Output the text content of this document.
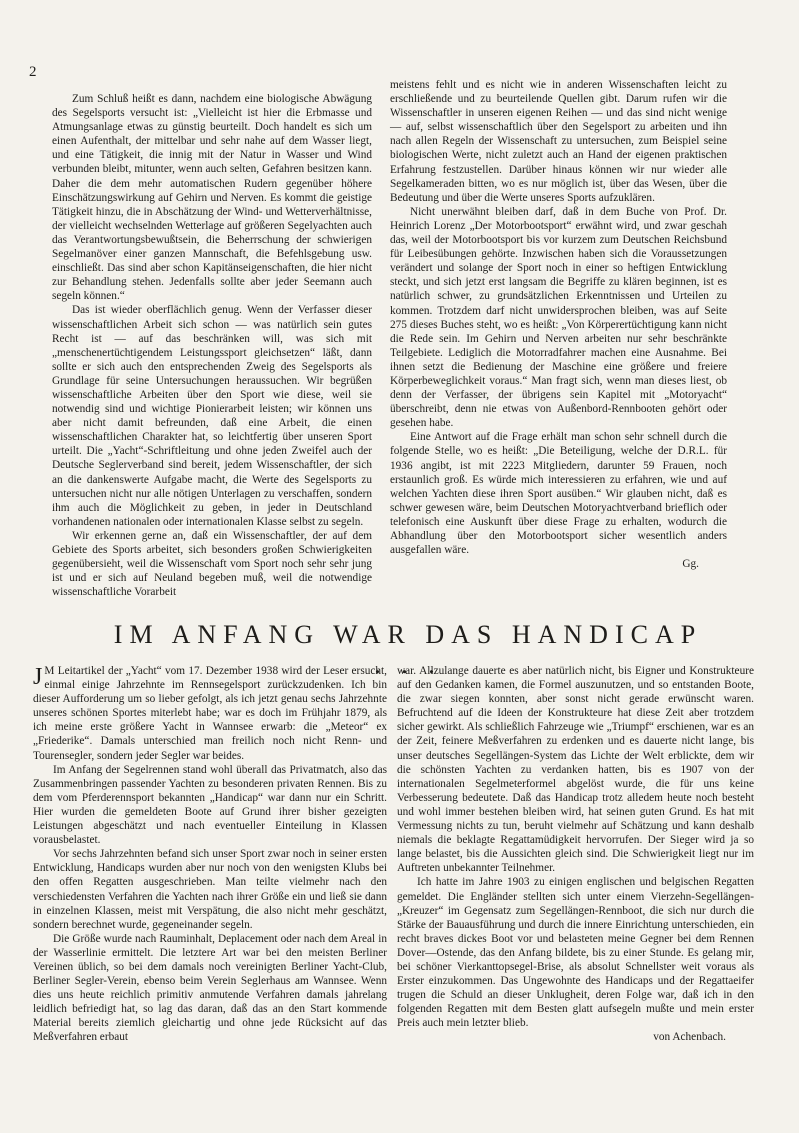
2

Zum Schluß heißt es dann, nachdem eine biologische Abwägung des Segelsports versucht ist: „Vielleicht ist hier die Erbmasse und Atmungsanlage etwas zu günstig beurteilt. Doch handelt es sich um einen Aufenthalt, der mittelbar und sehr nahe auf dem Wasser liegt, und eine Tätigkeit, die innig mit der Natur in Wasser und Wind verbunden bleibt, mitunter, wenn auch selten, Gefahren besitzen kann. Daher die dem mehr automatischen Rudern gegenüber höhere Einschätzungswirkung auf Gehirn und Nerven. Es kommt die geistige Tätigkeit hinzu, die in Abschätzung der Wind- und Wetterverhältnisse, der vielleicht wechselnden Wetterlage auf größeren Segelyachten auch das Verantwortungsbewußtsein, die Beherrschung der schwierigen Segelmanöver einer ganzen Mannschaft, die Befehlsgebung usw. einschließt. Das sind aber schon Kapitänseigenschaften, die hier nicht zur Behandlung stehen. Jedenfalls sollte aber jeder Seemann auch segeln können.“

Das ist wieder oberflächlich genug. Wenn der Verfasser dieser wissenschaftlichen Arbeit sich schon — was natürlich sein gutes Recht ist — auf das beschränken will, was sich mit „menschenertüchtigendem Leistungssport gleichsetzen“ läßt, dann sollte er sich auch den entsprechenden Zweig des Segelsports als Grundlage für seine Untersuchungen heraussuchen. Wir begrüßen wissenschaftliche Arbeiten über den Sport wie diese, weil sie notwendig sind und wichtige Pionierarbeit leisten; wir können uns aber nicht damit befreunden, daß eine Arbeit, die einen wissenschaftlichen Charakter hat, so leichtfertig über unseren Sport urteilt. Die „Yacht“-Schriftleitung und ohne jeden Zweifel auch der Deutsche Seglerverband sind bereit, jedem Wissenschaftler, der sich an die dankenswerte Aufgabe macht, die Werte des Segelsports zu untersuchen nicht nur alle nötigen Unterlagen zu verschaffen, sondern ihm auch die Möglichkeit zu geben, in jeder in Deutschland vorhandenen nationalen oder internationalen Klasse selbst zu segeln.

Wir erkennen gerne an, daß ein Wissenschaftler, der auf dem Gebiete des Sports arbeitet, sich besonders großen Schwierigkeiten gegenübersieht, weil die Wissenschaft vom Sport noch sehr sehr jung ist und er sich auf Neuland begeben muß, weil die notwendige wissenschaftliche Vorarbeit

meistens fehlt und es nicht wie in anderen Wissenschaften leicht zu erschließende und zu beurteilende Quellen gibt. Darum rufen wir die Wissenschaftler in unseren eigenen Reihen — und das sind nicht wenige — auf, selbst wissenschaftlich über den Segelsport zu arbeiten und ihn nach allen Regeln der Wissenschaft zu untersuchen, zum Beispiel seine biologischen Werte, nicht zuletzt auch an Hand der eigenen praktischen Erfahrung festzustellen. Darüber hinaus können wir nur wieder alle Segelkameraden bitten, wo es nur möglich ist, über das Wesen, über die Bedeutung und über die Werte unseres Sports aufzuklären.

Nicht unerwähnt bleiben darf, daß in dem Buche von Prof. Dr. Heinrich Lorenz „Der Motorbootsport“ erwähnt wird, und zwar geschah das, weil der Motorbootsport bis vor kurzem zum Deutschen Reichsbund für Leibesübungen gehörte. Inzwischen haben sich die Voraussetzungen verändert und solange der Sport noch in einer so heftigen Entwicklung steckt, und sich jetzt erst langsam die Begriffe zu klären beginnen, ist es natürlich schwer, zu grundsätzlichen Erkenntnissen und Urteilen zu kommen. Trotzdem darf nicht unwidersprochen bleiben, was auf Seite 275 dieses Buches steht, wo es heißt: „Von Körperertüchtigung kann nicht die Rede sein. Im Gehirn und Nerven arbeiten nur sehr beschränkte Teilgebiete. Lediglich die Motorradfahrer machen eine Ausnahme. Bei ihnen setzt die Bedienung der Maschine eine größere und freiere Körperbeweglichkeit voraus.“ Man fragt sich, wenn man dieses liest, ob denn der Verfasser, der übrigens sein Kapitel mit „Motoryacht“ überschreibt, denn nie etwas von Außenbord-Rennbooten gehört oder gesehen habe.

Eine Antwort auf die Frage erhält man schon sehr schnell durch die folgende Stelle, wo es heißt: „Die Beteiligung, welche der D.R.L. für 1936 angibt, ist mit 2223 Mitgliedern, darunter 59 Frauen, noch erstaunlich groß. Es würde mich interessieren zu erfahren, wie und auf welchen Yachten diese ihren Sport ausüben.“ Wir glauben nicht, daß es schwer gewesen wäre, beim Deutschen Motoryachtverband brieflich oder telefonisch eine Auskunft über diese Frage zu erhalten, wodurch die Abhandlung über den Motorbootsport sicher wesentlich anders ausgefallen wäre.

Gg.

IM ANFANG WAR DAS HANDICAP . . .

J M Leitartikel der „Yacht“ vom 17. Dezember 1938 wird der Leser ersucht, einmal einige Jahrzehnte im Rennsegelsport zurückzudenken. Ich bin dieser Aufforderung um so lieber gefolgt, als ich jetzt genau sechs Jahrzehnte unseres schönen Sportes miterlebt habe; war es doch im Frühjahr 1879, als ich meine erste größere Yacht in Wannsee erwarb: die „Meteor“ ex „Friederike“. Damals unterschied man freilich noch nicht Renn- und Tourensegler, sondern jeder Segler war beides.

Im Anfang der Segelrennen stand wohl überall das Privatmatch, also das Zusammenbringen passender Yachten zu besonderen privaten Rennen. Bis zu dem vom Pferderennsport bekannten „Handicap“ war dann nur ein Schritt. Hier wurden die gemeldeten Boote auf Grund ihrer bisher gezeigten Leistungen abgeschätzt und nach eventueller Einteilung in Klassen vorausbelastet.

Vor sechs Jahrzehnten befand sich unser Sport zwar noch in seiner ersten Entwicklung, Handicaps wurden aber nur noch von den wenigsten Klubs bei den offen Regatten ausgeschrieben. Man teilte vielmehr nach den verschiedensten Verfahren die Yachten nach ihrer Größe ein und ließ sie dann in einzelnen Klassen, meist mit Verspätung, die also nicht mehr geschätzt, sondern berechnet wurde, gegeneinander segeln.

Die Größe wurde nach Rauminhalt, Deplacement oder nach dem Areal in der Wasserlinie ermittelt. Die letztere Art war bei den meisten Berliner Vereinen üblich, so bei dem damals noch vereinigten Berliner Yacht-Club, Berliner Segler-Verein, ebenso beim Verein Seglerhaus am Wannsee. Wenn dies uns heute reichlich primitiv anmutende Verfahren damals jahrelang leidlich befriedigt hat, so lag das daran, daß das an den Start kommende Material bereits ziemlich gleichartig und ohne jede Rücksicht auf das Meßverfahren erbaut

war. Allzulange dauerte es aber natürlich nicht, bis Eigner und Konstrukteure auf den Gedanken kamen, die Formel auszunutzen, und so entstanden Boote, die zwar siegen konnten, aber sonst nicht gerade erwünscht waren. Befruchtend auf die Ideen der Konstrukteure hat diese Zeit aber trotzdem sicher gewirkt. Als schließlich Fahrzeuge wie „Triumpf“ erschienen, war es an der Zeit, feinere Meßverfahren zu erdenken und es dauerte nicht lange, bis unser deutsches Segellängen-System das Lichte der Welt erblickte, dem wir die schönsten Yachten zu verdanken hatten, bis es 1907 von der internationalen Segelmeterformel abgelöst wurde, die für uns keine Verbesserung bedeutete. Daß das Handicap trotz alledem heute noch besteht und wohl immer bestehen bleiben wird, hat seinen guten Grund. Es hat mit Vermessung nichts zu tun, beruht vielmehr auf Schätzung und kann deshalb niemals die beklagte Regattamüdigkeit hervorrufen. Der Sieger wird ja so lange belastet, bis die Aussichten gleich sind. Die Schwierigkeit liegt nur im Auftreten unbekannter Teilnehmer.

Ich hatte im Jahre 1903 zu einigen englischen und belgischen Regatten gemeldet. Die Engländer stellten sich unter einem Vierzehn-Segellängen-„Kreuzer“ im Gegensatz zum Segellängen-Rennboot, die sich nur durch die Stärke der Bauausführung und durch die innere Einrichtung unterschieden, ein recht braves dickes Boot vor und belasteten meine Gegner bei dem Rennen Dover—Ostende, das den Anfang bildete, bis zu einer Stunde. Es gelang mir, bei schöner Vierkanttopsegel-Brise, als absolut Schnellster weit voraus als Erster einzukommen. Das Ungewohnte des Handicaps und der Regattaeifer trugen die Schuld an dieser Unklugheit, deren Folge war, daß ich in den folgenden Regatten mit dem Besten glatt aufsegeln mußte und mein erster Preis auch mein letzter blieb.

von Achenbach.
